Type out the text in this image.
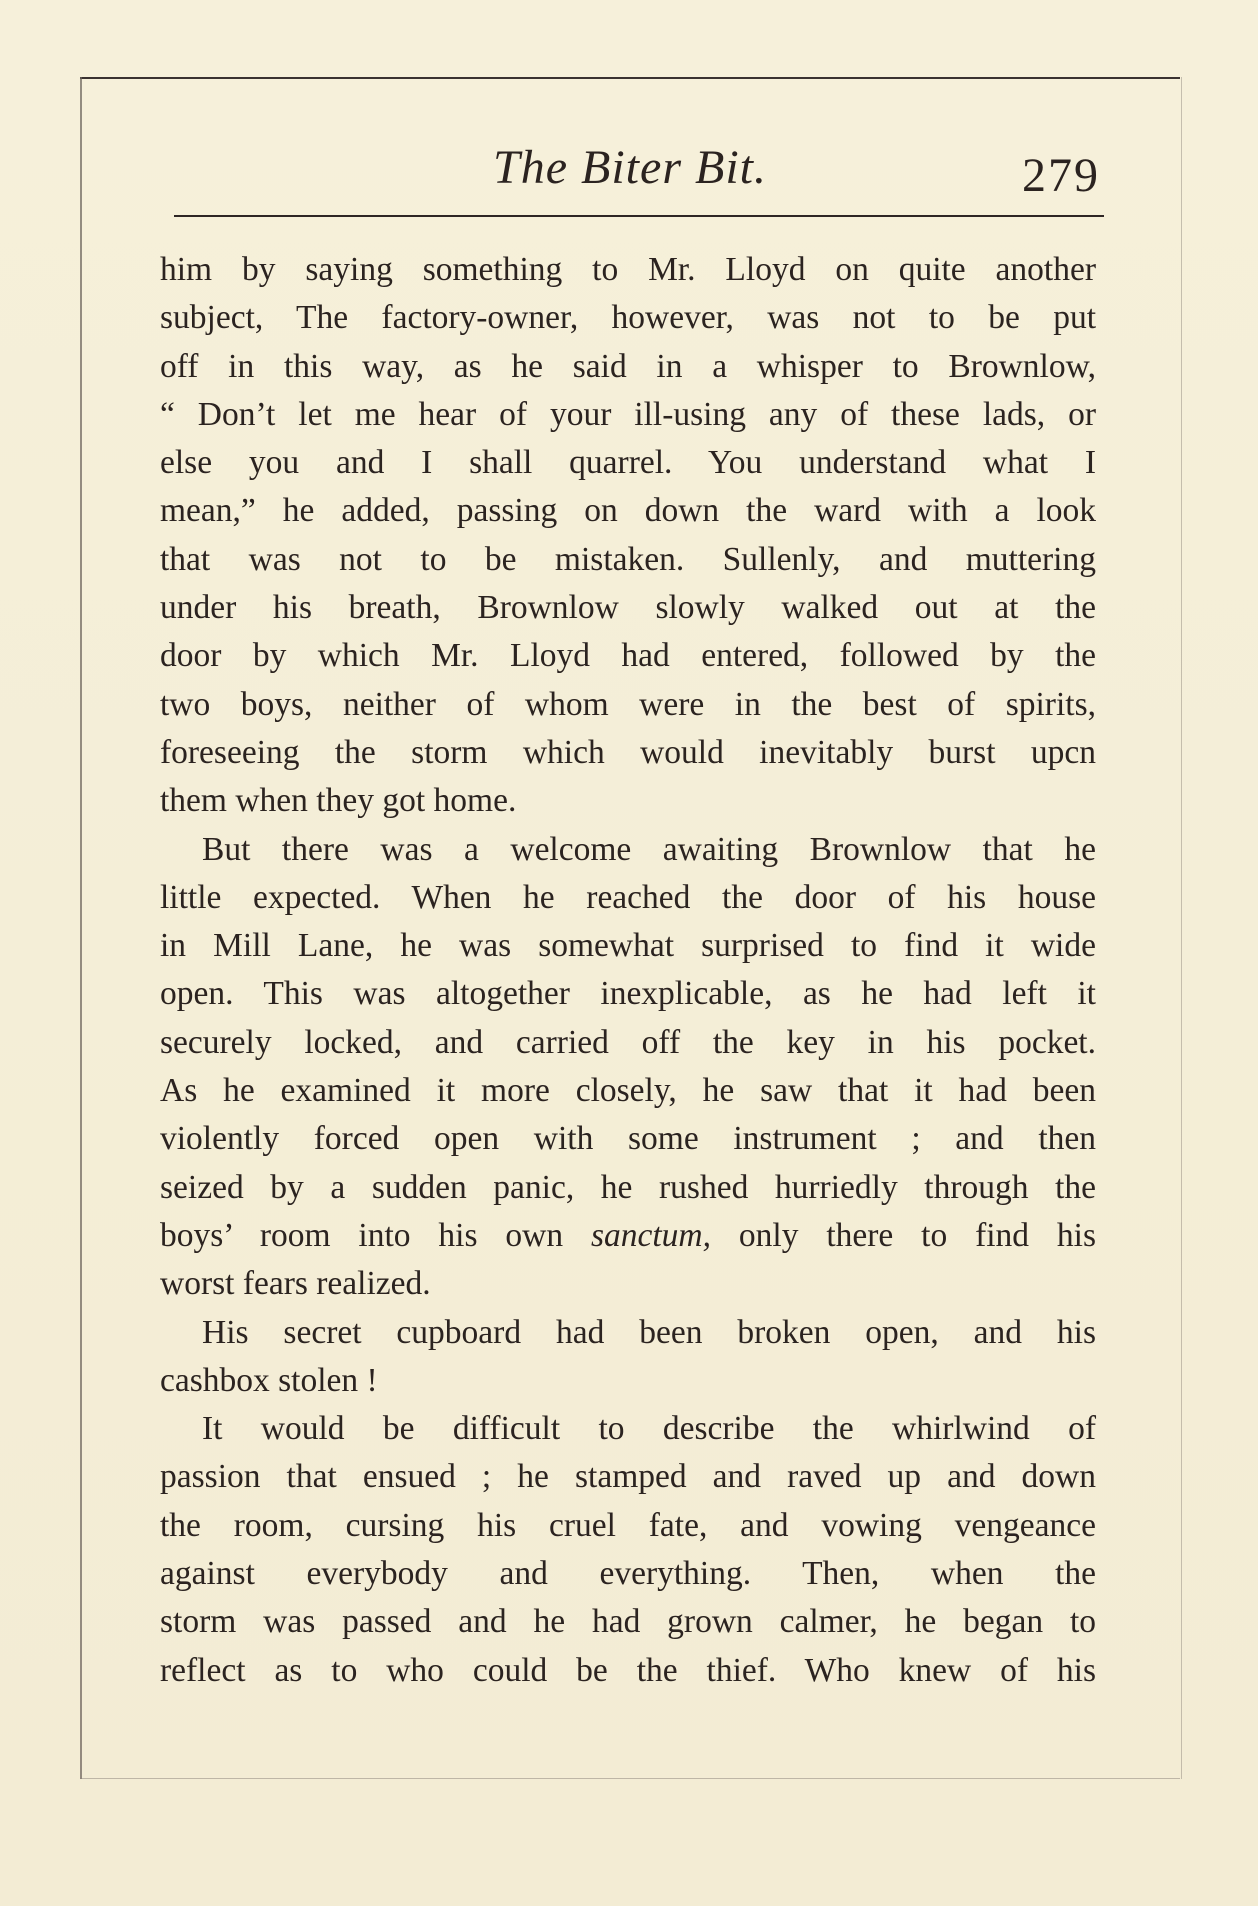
The Biter Bit.	279
him by saying something to Mr. Lloyd on quite another
subject, The factory-owner, however, was not to be put
off in this way, as he said in a whisper to Brownlow,
“ Don’t let me hear of your ill-using any of these lads, or
else you and I shall quarrel. You understand what I
mean,” he added, passing on down the ward with a look
that was not to be mistaken. Sullenly, and muttering
under his breath, Brownlow slowly walked out at the
door by which Mr. Lloyd had entered, followed by the
two boys, neither of whom were in the best of spirits,
foreseeing the storm which would inevitably burst upcn
them when they got home.
But there was a welcome awaiting Brownlow that he
little expected. When he reached the door of his house
in Mill Lane, he was somewhat surprised to find it wide
open. This was altogether inexplicable, as he had left it
securely locked, and carried off the key in his pocket.
As he examined it more closely, he saw that it had been
violently forced open with some instrument ; and then
seized by a sudden panic, he rushed hurriedly through the
boys’ room into his own sanctum, only there to find his
worst fears realized.
His secret cupboard had been broken open, and his
cashbox stolen !
It would be difficult to describe the whirlwind of
passion that ensued ; he stamped and raved up and down
the room, cursing his cruel fate, and vowing vengeance
against everybody and everything. Then, when the
storm was passed and he had grown calmer, he began to
reflect as to who could be the thief. Who knew of his
